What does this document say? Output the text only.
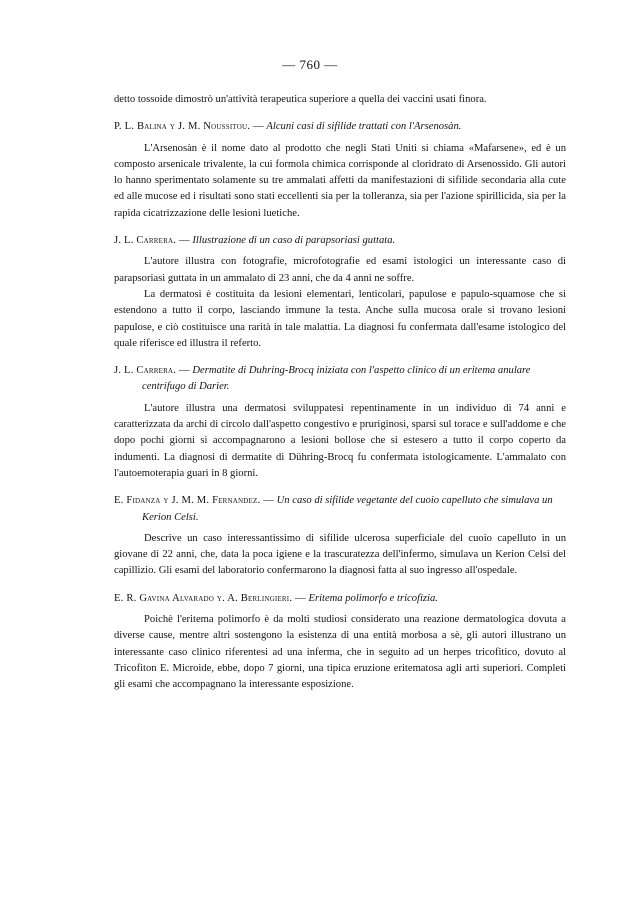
— 760 —

detto tossoide dimostrò un'attività terapeutica superiore a quella dei vaccini usati finora.

P. L. Balina y J. M. Noussitou. — Alcuni casi di sifilide trattati con l'Arsenosàn.

L'Arsenosàn è il nome dato al prodotto che negli Stati Uniti si chiama «Mafarsene», ed è un composto arsenicale trivalente, la cui formola chimica corrisponde al cloridrato di Arsenossido. Gli autori lo hanno sperimentato solamente su tre ammalati affetti da manifestazioni di sifilide secondaria alla cute ed alle mucose ed i risultati sono stati eccellenti sia per la tolleranza, sia per l'azione spirillicida, sia per la rapida cicatrizzazione delle lesioni luetiche.

J. L. Carrera. — Illustrazione di un caso di parapsoriasi guttata.

L'autore illustra con fotografie, microfotografie ed esami istologici un interessante caso di parapsoriasi guttata in un ammalato di 23 anni, che da 4 anni ne soffre.

La dermatosi è costituita da lesioni elementari, lenticolari, papulose e papulo-squamose che si estendono a tutto il corpo, lasciando immune la testa. Anche sulla mucosa orale si trovano lesioni papulose, e ciò costituisce una rarità in tale malattia. La diagnosi fu confermata dall'esame istologico del quale riferisce ed illustra il referto.

J. L. Carrera. — Dermatite di Duhring-Brocq iniziata con l'aspetto clinico di un eritema anulare centrifugo di Darier.

L'autore illustra una dermatosi sviluppatesi repentinamente in un individuo di 74 anni e caratterizzata da archi di circolo dall'aspetto congestivo e pruriginosi, sparsi sul torace e sull'addome e che dopo pochi giorni si accompagnarono a lesioni bollose che si estesero a tutto il corpo coperto da indumenti. La diagnosi di dermatite di Dühring-Brocq fu confermata istologicamente. L'ammalato con l'autoemoterapia guarì in 8 giorni.

E. Fidanza y J. M. M. Fernandez. — Un caso di sifilide vegetante del cuoio capelluto che simulava un Kerion Celsi.

Descrive un caso interessantissimo di sifilide ulcerosa superficiale del cuoio capelluto in un giovane di 22 anni, che, data la poca igiene e la trascuratezza dell'infermo, simulava un Kerion Celsi del capillizio. Gli esami del laboratorio confermarono la diagnosi fatta al suo ingresso all'ospedale.

E. R. Gavina Alvarado y. A. Berlingieri. — Eritema polimorfo e tricofizia.

Poichè l'eritema polimorfo è da molti studiosi considerato una reazione dermatologica dovuta a diverse cause, mentre altri sostengono la esistenza di una entità morbosa a sè, gli autori illustrano un interessante caso clinico riferentesi ad una inferma, che in seguito ad un herpes tricofitico, dovuto al Tricofiton E. Microide, ebbe, dopo 7 giorni, una tipica eruzione eritematosa agli arti superiori. Completi gli esami che accompagnano la interessante esposizione.
